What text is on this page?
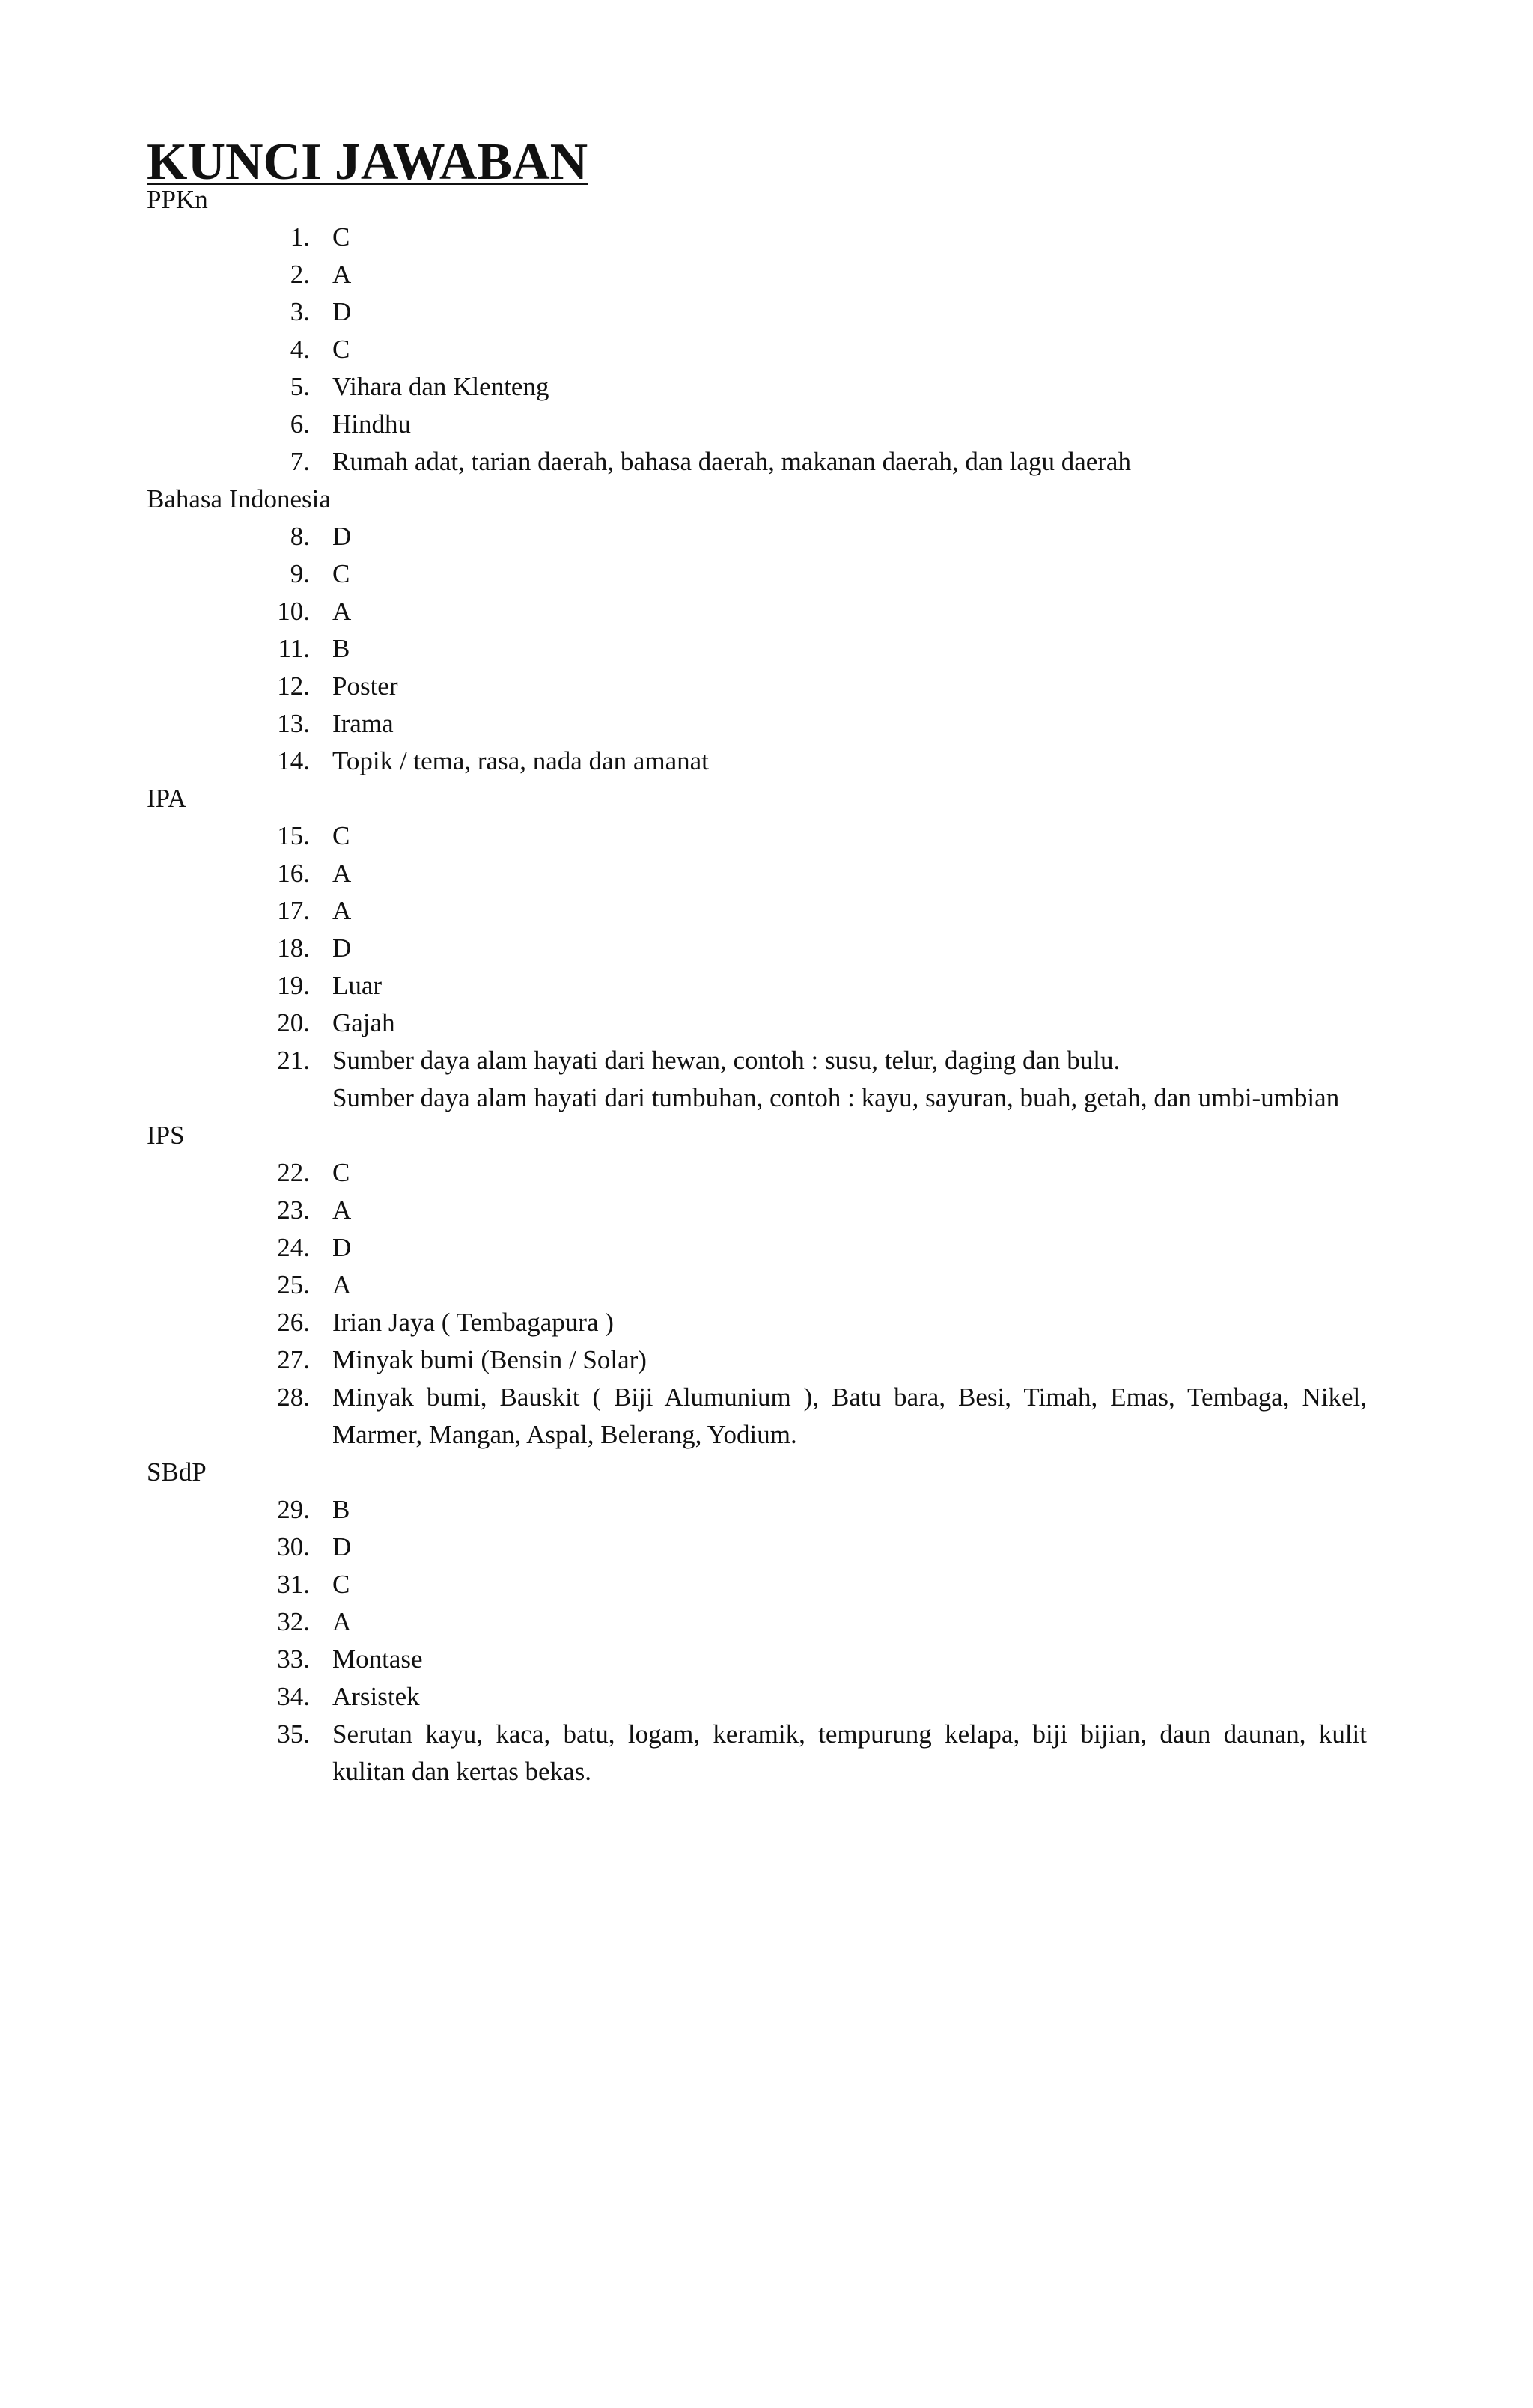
KUNCI JAWABAN
PPKn
1. C
2. A
3. D
4. C
5. Vihara dan Klenteng
6. Hindhu
7. Rumah adat, tarian daerah, bahasa daerah, makanan daerah, dan lagu daerah
Bahasa Indonesia
8. D
9. C
10. A
11. B
12. Poster
13. Irama
14. Topik / tema, rasa, nada dan amanat
IPA
15. C
16. A
17. A
18. D
19. Luar
20. Gajah
21. Sumber daya alam hayati dari hewan, contoh : susu, telur, daging dan bulu.
Sumber daya alam hayati dari tumbuhan, contoh : kayu, sayuran, buah, getah, dan umbi-umbian
IPS
22. C
23. A
24. D
25. A
26. Irian Jaya ( Tembagapura )
27. Minyak bumi (Bensin / Solar)
28. Minyak bumi, Bauskit ( Biji Alumunium ), Batu bara, Besi, Timah, Emas, Tembaga, Nikel, Marmer, Mangan, Aspal, Belerang, Yodium.
SBdP
29. B
30. D
31. C
32. A
33. Montase
34. Arsistek
35. Serutan kayu, kaca, batu, logam, keramik, tempurung kelapa, biji bijian, daun daunan, kulit kulitan dan kertas bekas.
